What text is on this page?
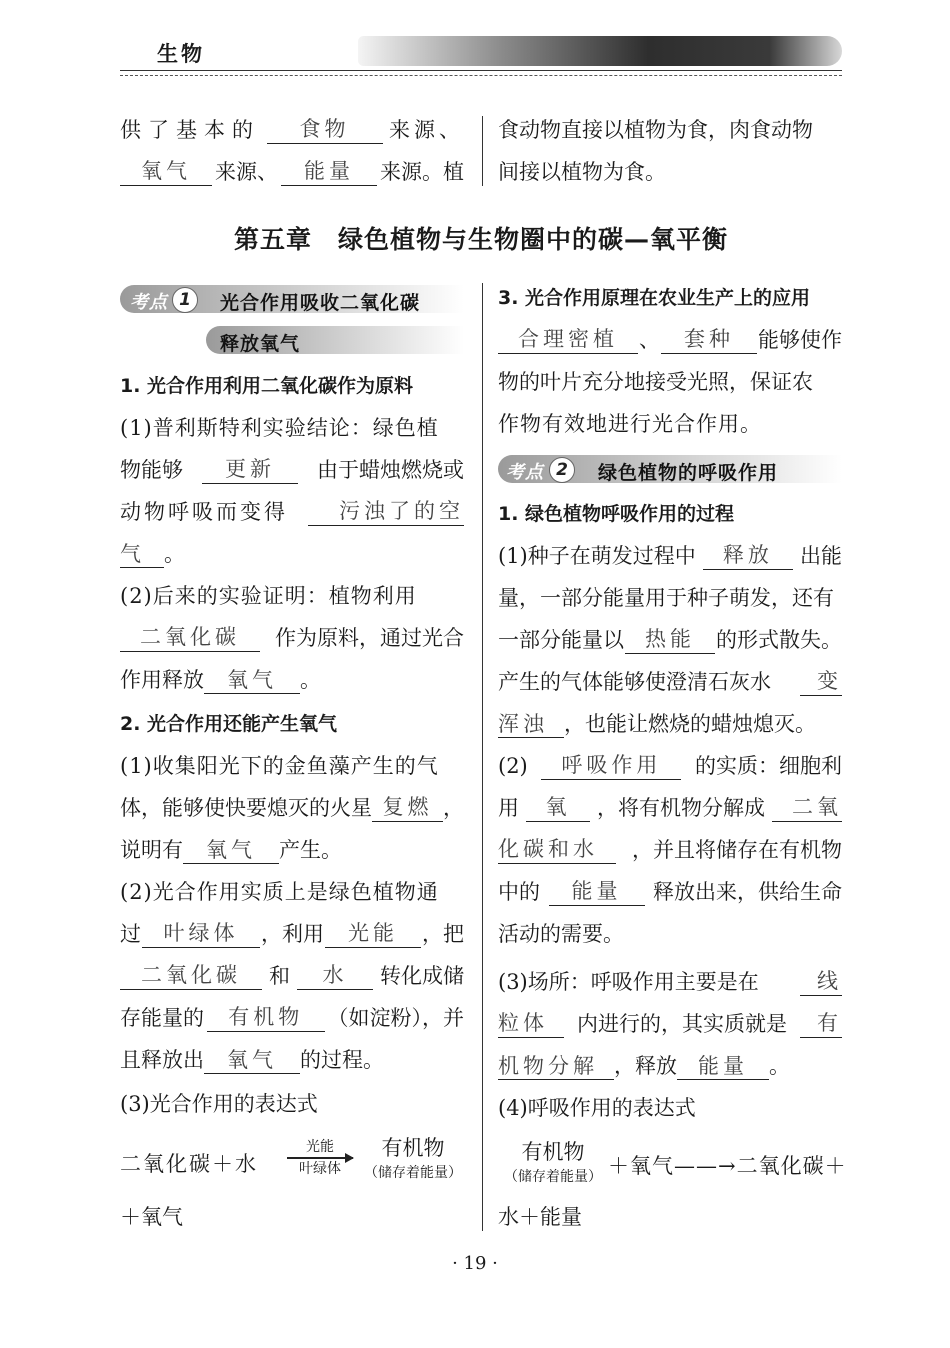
生物
供了基本的	食物	来源、
氧气	来源、	能量	来源。植
食动物直接以植物为食，肉食动物
间接以植物为食。
第五章　绿色植物与生物圈中的碳—氧平衡
考点 1	光合作用吸收二氧化碳
释放氧气
1. 光合作用利用二氧化碳作为原料
(1)普利斯特利实验结论：绿色植
物能够	更新	由于蜡烛燃烧或
动物呼吸而变得	污浊了的空
气 。
(2)后来的实验证明：植物利用
二氧化碳	作为原料，通过光合
作用释放 氧气 。
2. 光合作用还能产生氧气
(1)收集阳光下的金鱼藻产生的气
体，能够使快要熄灭的火星 复燃 ，
说明有 氧气 产生。
(2)光合作用实质上是绿色植物通
过	叶绿体	，利用	光能	，把
二氧化碳	和	水	转化成储
存能量的	有机物	（如淀粉），并
且释放出 氧气 的过程。
(3)光合作用的表达式
二氧化碳＋水
光能
叶绿体
有机物
（储存着能量）
＋氧气
3. 光合作用原理在农业生产上的应用
合理密植	、	套种	能够使作
物的叶片充分地接受光照，保证农
作物有效地进行光合作用。
考点 2	绿色植物的呼吸作用
1. 绿色植物呼吸作用的过程
(1)种子在萌发过程中	释放	出能
量，一部分能量用于种子萌发，还有
一部分能量以	热能	的形式散失。
产生的气体能够使澄清石灰水	变
浑浊 ，也能让燃烧的蜡烛熄灭。
(2)	呼吸作用	的实质：细胞利
用	氧	，将有机物分解成	二氧
化碳和水	，并且将储存在有机物
中的	能量	释放出来，供给生命
活动的需要。
(3)场所：呼吸作用主要是在	线
粒体	内进行的，其实质就是	有
机物分解 ，释放 能量 。
(4)呼吸作用的表达式
有机物
（储存着能量） ＋氧气——→二氧化碳＋
水＋能量
· 19 ·
